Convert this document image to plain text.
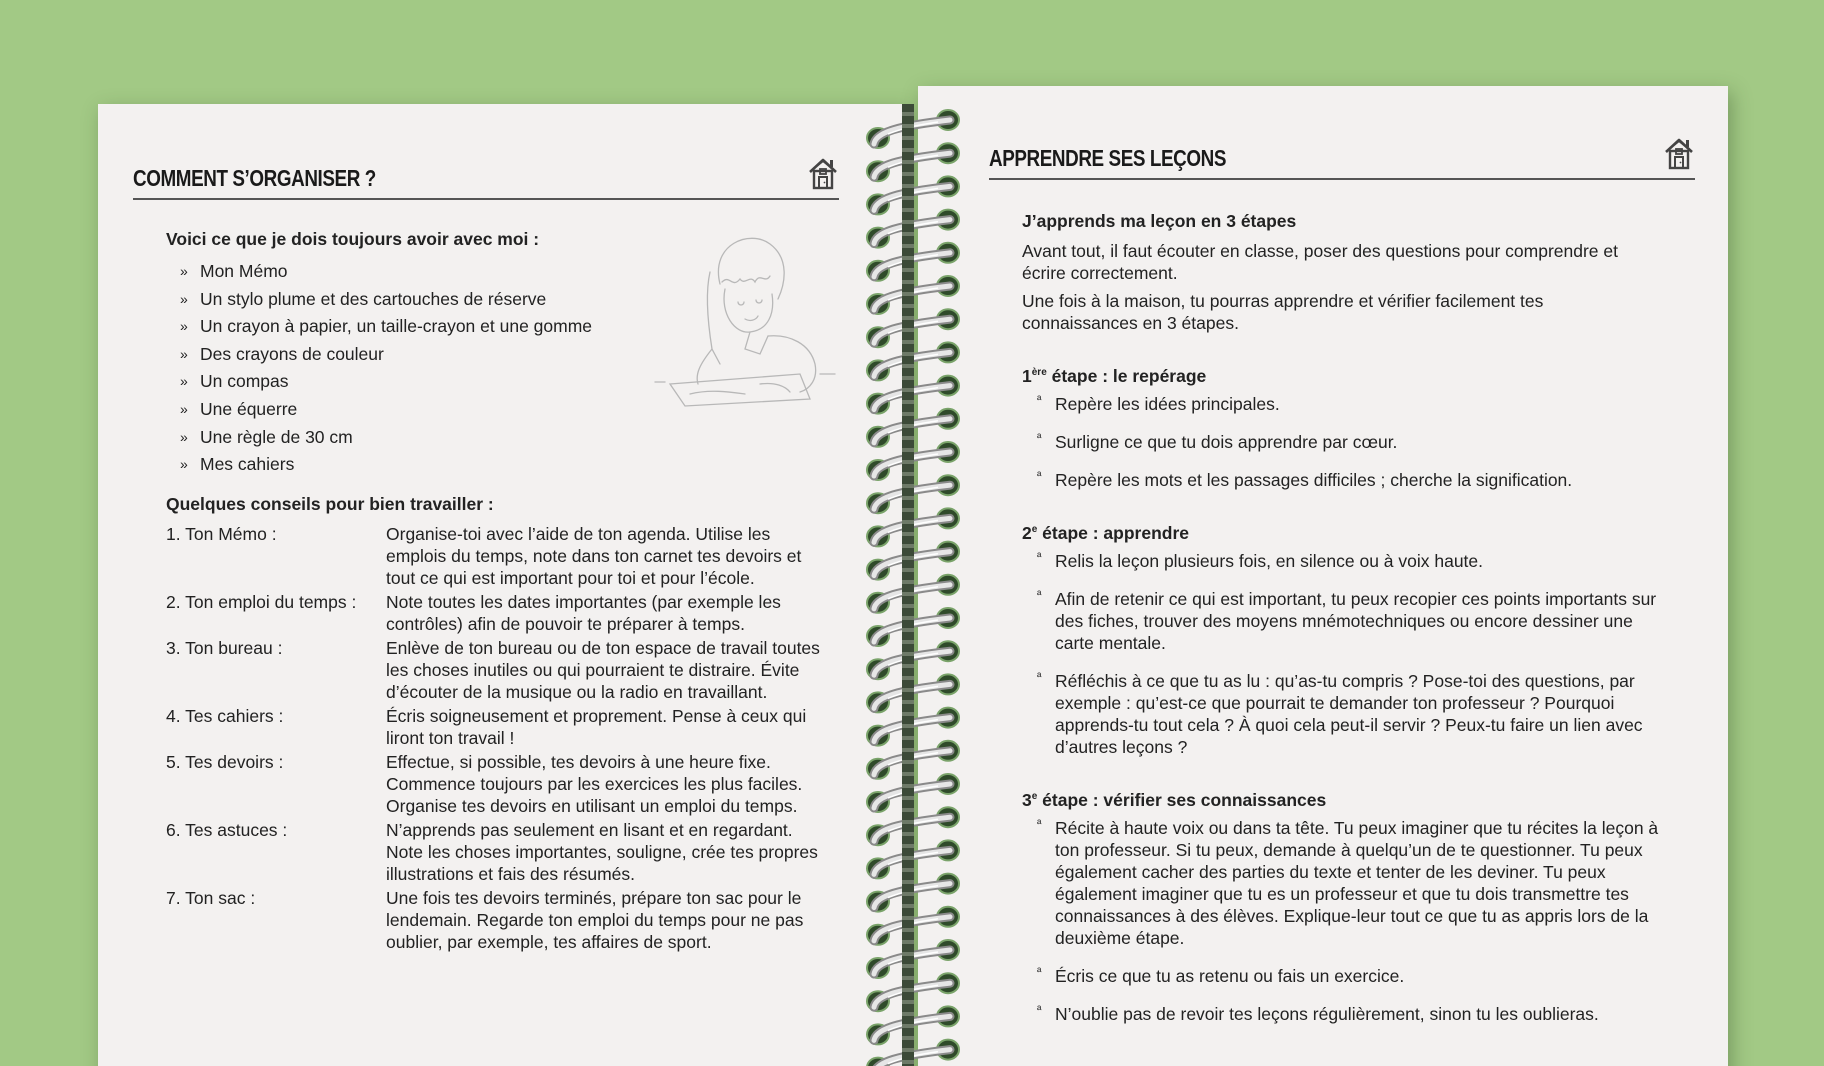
COMMENT S’ORGANISER ?
Voici ce que je dois toujours avoir avec moi :
» Mon Mémo
» Un stylo plume et des cartouches de réserve
» Un crayon à papier, un taille-crayon et une gomme
» Des crayons de couleur
» Un compas
» Une équerre
» Une règle de 30 cm
» Mes cahiers
Quelques conseils pour bien travailler :
1. Ton Mémo :	Organise-toi avec l’aide de ton agenda. Utilise les emplois du temps, note dans ton carnet tes devoirs et tout ce qui est important pour toi et pour l’école.
2. Ton emploi du temps :	Note toutes les dates importantes (par exemple les contrôles) afin de pouvoir te préparer à temps.
3. Ton bureau :	Enlève de ton bureau ou de ton espace de travail toutes les choses inutiles ou qui pourraient te distraire. Évite d’écouter de la musique ou la radio en travaillant.
4. Tes cahiers :	Écris soigneusement et proprement. Pense à ceux qui liront ton travail !
5. Tes devoirs :	Effectue, si possible, tes devoirs à une heure fixe. Commence toujours par les exercices les plus faciles. Organise tes devoirs en utilisant un emploi du temps.
6. Tes astuces :	N’apprends pas seulement en lisant et en regardant. Note les choses importantes, souligne, crée tes propres illustrations et fais des résumés.
7. Ton sac :	Une fois tes devoirs terminés, prépare ton sac pour le lendemain. Regarde ton emploi du temps pour ne pas oublier, par exemple, tes affaires de sport.
APPRENDRE SES LEÇONS
J’apprends ma leçon en 3 étapes

Avant tout, il faut écouter en classe, poser des questions pour comprendre et écrire correctement.

Une fois à la maison, tu pourras apprendre et vérifier facilement tes connaissances en 3 étapes.

1ère étape : le repérage
ª Repère les idées principales.
ª Surligne ce que tu dois apprendre par cœur.
ª Repère les mots et les passages difficiles ; cherche la signification.
2e étape : apprendre
ª Relis la leçon plusieurs fois, en silence ou à voix haute.
ª Afin de retenir ce qui est important, tu peux recopier ces points importants sur des fiches, trouver des moyens mnémotechniques ou encore dessiner une carte mentale.
ª Réfléchis à ce que tu as lu : qu’as-tu compris ? Pose-toi des questions, par exemple : qu’est-ce que pourrait te demander ton professeur ? Pourquoi apprends-tu tout cela ? À quoi cela peut-il servir ? Peux-tu faire un lien avec d’autres leçons ?
3e étape : vérifier ses connaissances
ª Récite à haute voix ou dans ta tête. Tu peux imaginer que tu récites la leçon à ton professeur. Si tu peux, demande à quelqu’un de te questionner. Tu peux également cacher des parties du texte et tenter de les deviner. Tu peux également imaginer que tu es un professeur et que tu dois transmettre tes connaissances à des élèves. Explique-leur tout ce que tu as appris lors de la deuxième étape.
ª Écris ce que tu as retenu ou fais un exercice.
ª N’oublie pas de revoir tes leçons régulièrement, sinon tu les oublieras.
